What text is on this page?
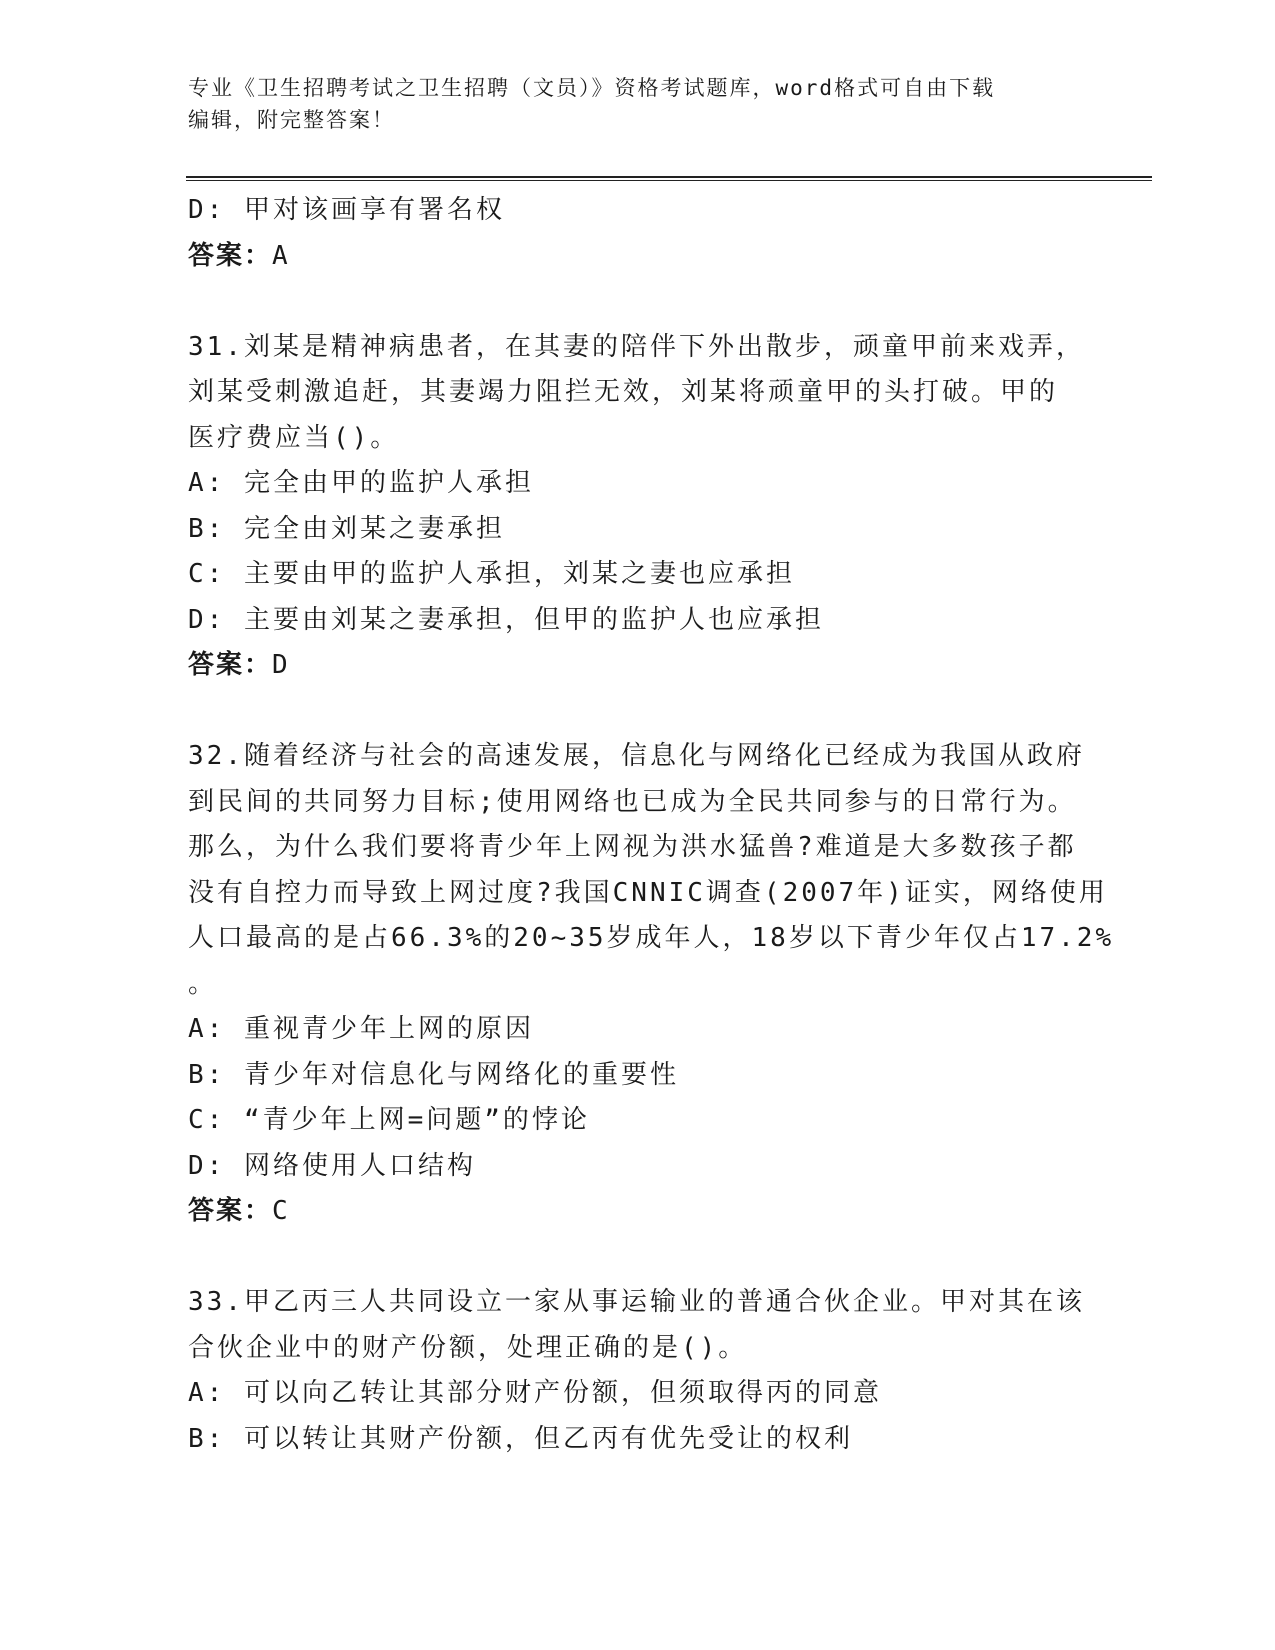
专业《卫生招聘考试之卫生招聘（文员）》资格考试题库，word格式可自由下载
编辑，附完整答案！
D: 甲对该画享有署名权
答案：A
31.刘某是精神病患者，在其妻的陪伴下外出散步，顽童甲前来戏弄，
刘某受刺激追赶，其妻竭力阻拦无效，刘某将顽童甲的头打破。甲的
医疗费应当()。
A: 完全由甲的监护人承担
B: 完全由刘某之妻承担
C: 主要由甲的监护人承担，刘某之妻也应承担
D: 主要由刘某之妻承担，但甲的监护人也应承担
答案：D
32.随着经济与社会的高速发展，信息化与网络化已经成为我国从政府
到民间的共同努力目标;使用网络也已成为全民共同参与的日常行为。
那么，为什么我们要将青少年上网视为洪水猛兽?难道是大多数孩子都
没有自控力而导致上网过度?我国CNNIC调查(2007年)证实，网络使用
人口最高的是占66.3%的20~35岁成年人，18岁以下青少年仅占17.2%
。
A: 重视青少年上网的原因
B: 青少年对信息化与网络化的重要性
C: “青少年上网=问题”的悖论
D: 网络使用人口结构
答案：C
33.甲乙丙三人共同设立一家从事运输业的普通合伙企业。甲对其在该
合伙企业中的财产份额，处理正确的是()。
A: 可以向乙转让其部分财产份额，但须取得丙的同意
B: 可以转让其财产份额，但乙丙有优先受让的权利
